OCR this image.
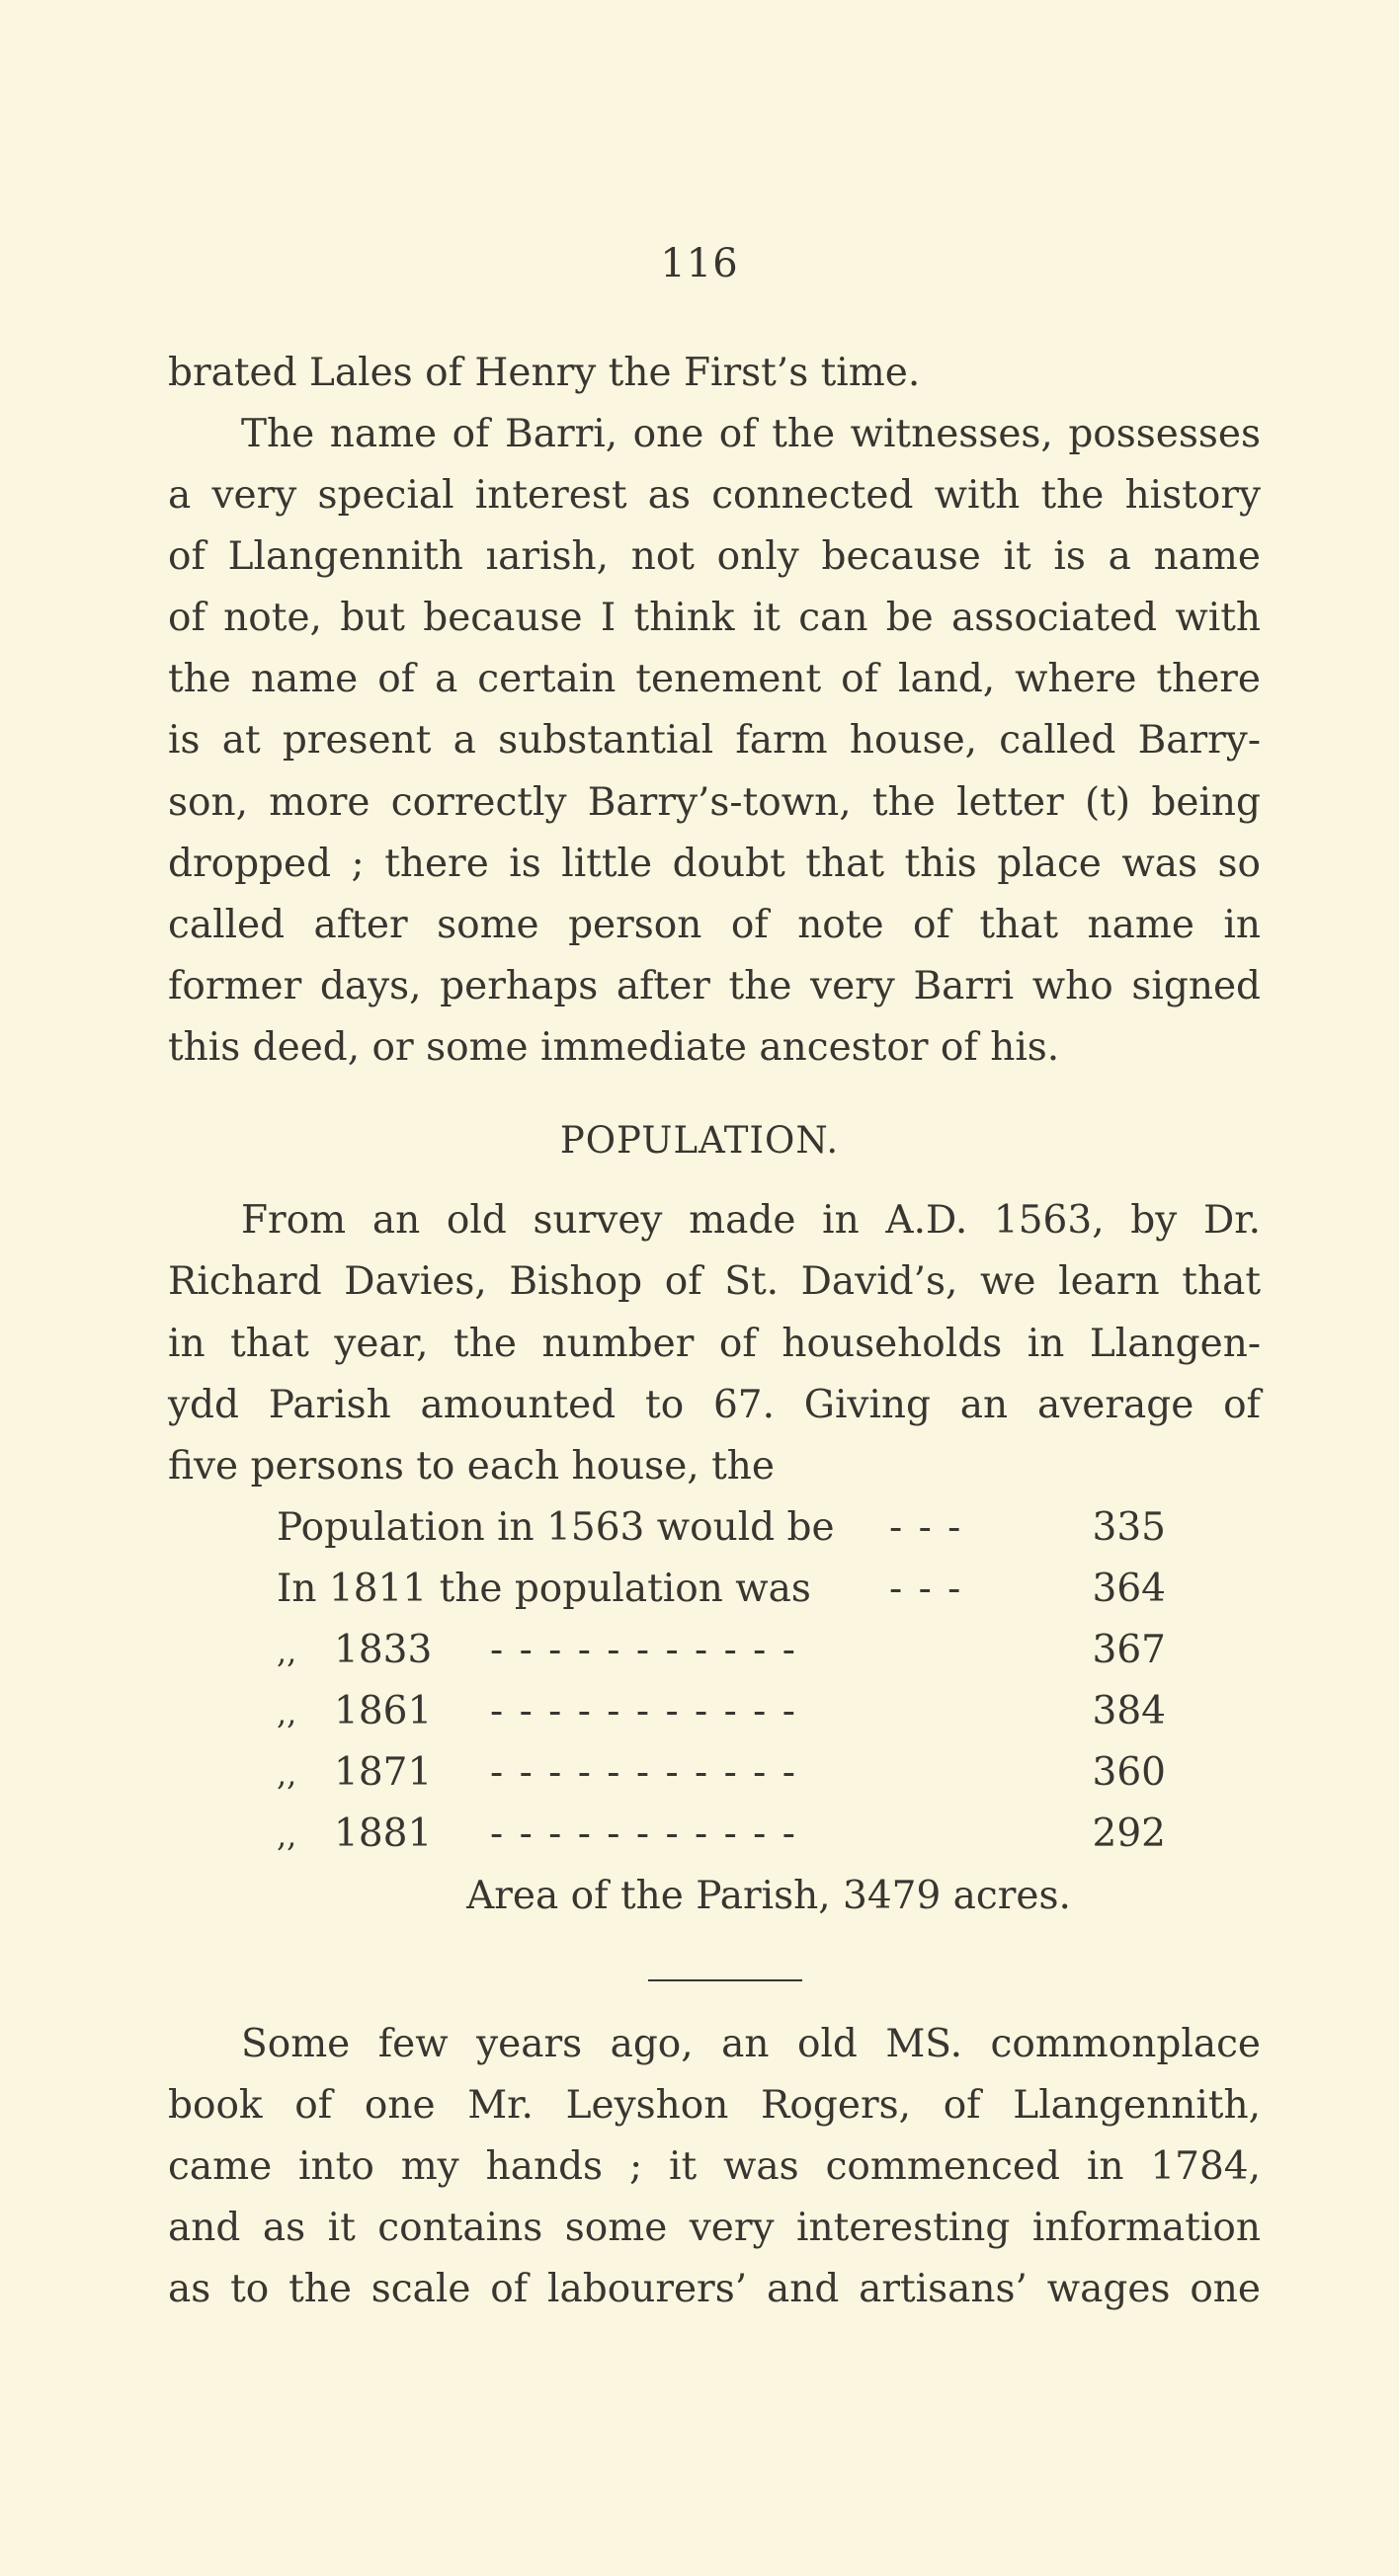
116
brated Lales of Henry the First’s time.
The name of Barri, one of the witnesses, possesses
a very special interest as connected with the history
of Llangennith ıarish, not only because it is a name
of note, but because I think it can be associated with
the name of a certain tenement of land, where there
is at present a substantial farm house, called Barry-
son, more correctly Barry’s-town, the letter (t) being
dropped ; there is little doubt that this place was so
called after some person of note of that name in
former days, perhaps after the very Barri who signed
this deed, or some immediate ancestor of his.
POPULATION.
From an old survey made in A.D. 1563, by Dr.
Richard Davies, Bishop of St. David’s, we learn that
in that year, the number of households in Llangen-
ydd Parish amounted to 67. Giving an average of
five persons to each house, the
Population in 1563 would be - - -	335
In 1811 the population was - - -	364
,, 1833 - - - - - - - - - - -	367
,, 1861 - - - - - - - - - - -	384
,, 1871 - - - - - - - - - - -	360
,, 1881 - - - - - - - - - - -	292
Area of the Parish, 3479 acres.
Some few years ago, an old MS. commonplace
book of one Mr. Leyshon Rogers, of Llangennith,
came into my hands ; it was commenced in 1784,
and as it contains some very interesting information
as to the scale of labourers’ and artisans’ wages one
